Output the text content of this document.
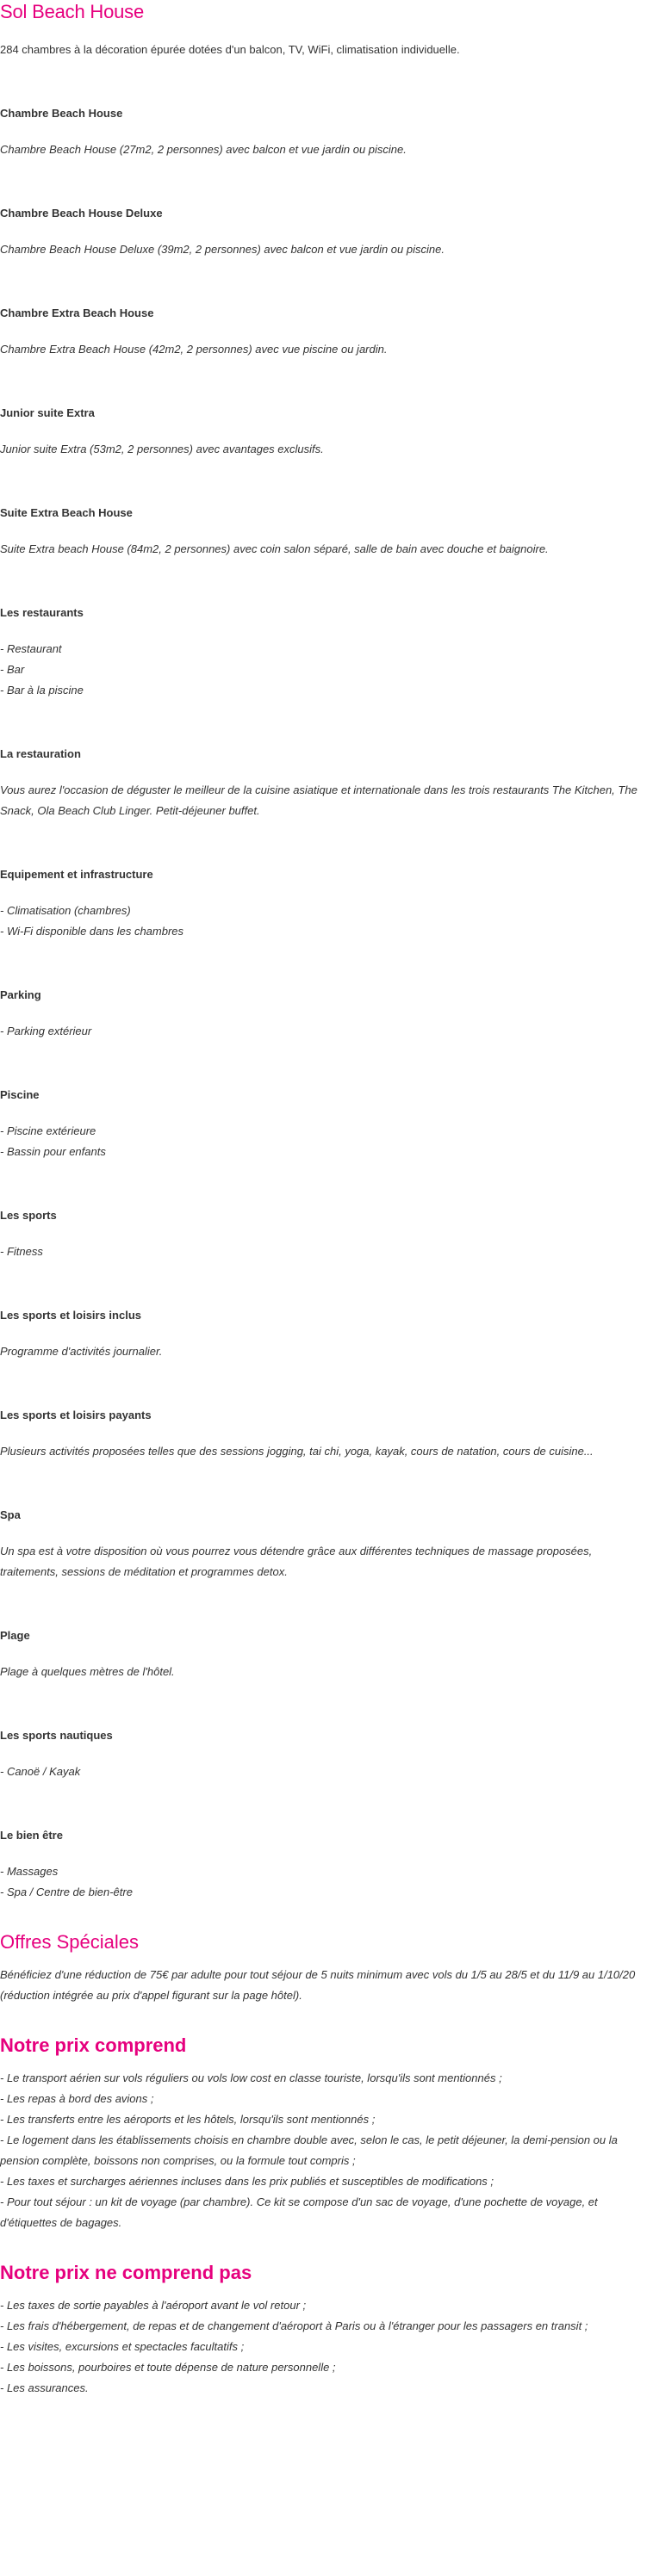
Sol Beach House

284 chambres à la décoration épurée dotées d'un balcon, TV, WiFi, climatisation individuelle.

Chambre Beach House

Chambre Beach House (27m2, 2 personnes) avec balcon et vue jardin ou piscine.

Chambre Beach House Deluxe

Chambre Beach House Deluxe (39m2, 2 personnes) avec balcon et vue jardin ou piscine.

Chambre Extra Beach House

Chambre Extra Beach House (42m2, 2 personnes) avec vue piscine ou jardin.

Junior suite Extra

Junior suite Extra (53m2, 2 personnes) avec avantages exclusifs.

Suite Extra Beach House

Suite Extra beach House (84m2, 2 personnes) avec coin salon séparé, salle de bain avec douche et baignoire.

Les restaurants
- Restaurant
- Bar
- Bar à la piscine
La restauration

Vous aurez l'occasion de déguster le meilleur de la cuisine asiatique et internationale dans les trois restaurants The Kitchen, The Snack, Ola Beach Club Linger. Petit-déjeuner buffet.

Equipement et infrastructure
- Climatisation (chambres)
- Wi-Fi disponible dans les chambres
Parking
- Parking extérieur
Piscine
- Piscine extérieure
- Bassin pour enfants
Les sports
- Fitness
Les sports et loisirs inclus

Programme d'activités journalier.

Les sports et loisirs payants

Plusieurs activités proposées telles que des sessions jogging, tai chi, yoga, kayak, cours de natation, cours de cuisine...

Spa

Un spa est à votre disposition où vous pourrez vous détendre grâce aux différentes techniques de massage proposées, traitements, sessions de méditation et programmes detox.

Plage

Plage à quelques mètres de l'hôtel.

Les sports nautiques
- Canoë / Kayak
Le bien être
- Massages
- Spa / Centre de bien-être
Offres Spéciales

Bénéficiez d'une réduction de 75€ par adulte pour tout séjour de 5 nuits minimum avec vols du 1/5 au 28/5 et du 11/9 au 1/10/20 (réduction intégrée au prix d'appel figurant sur la page hôtel).

Notre prix comprend
- Le transport aérien sur vols réguliers ou vols low cost en classe touriste, lorsqu'ils sont mentionnés ;
- Les repas à bord des avions ;
- Les transferts entre les aéroports et les hôtels, lorsqu'ils sont mentionnés ;
- Le logement dans les établissements choisis en chambre double avec, selon le cas, le petit déjeuner, la demi-pension ou la pension complète, boissons non comprises, ou la formule tout compris ;
- Les taxes et surcharges aériennes incluses dans les prix publiés et susceptibles de modifications ;
- Pour tout séjour : un kit de voyage (par chambre). Ce kit se compose d'un sac de voyage, d'une pochette de voyage, et d'étiquettes de bagages.
Notre prix ne comprend pas
- Les taxes de sortie payables à l'aéroport avant le vol retour ;
- Les frais d'hébergement, de repas et de changement d'aéroport à Paris ou à l'étranger pour les passagers en transit ;
- Les visites, excursions et spectacles facultatifs ;
- Les boissons, pourboires et toute dépense de nature personnelle ;
- Les assurances.
